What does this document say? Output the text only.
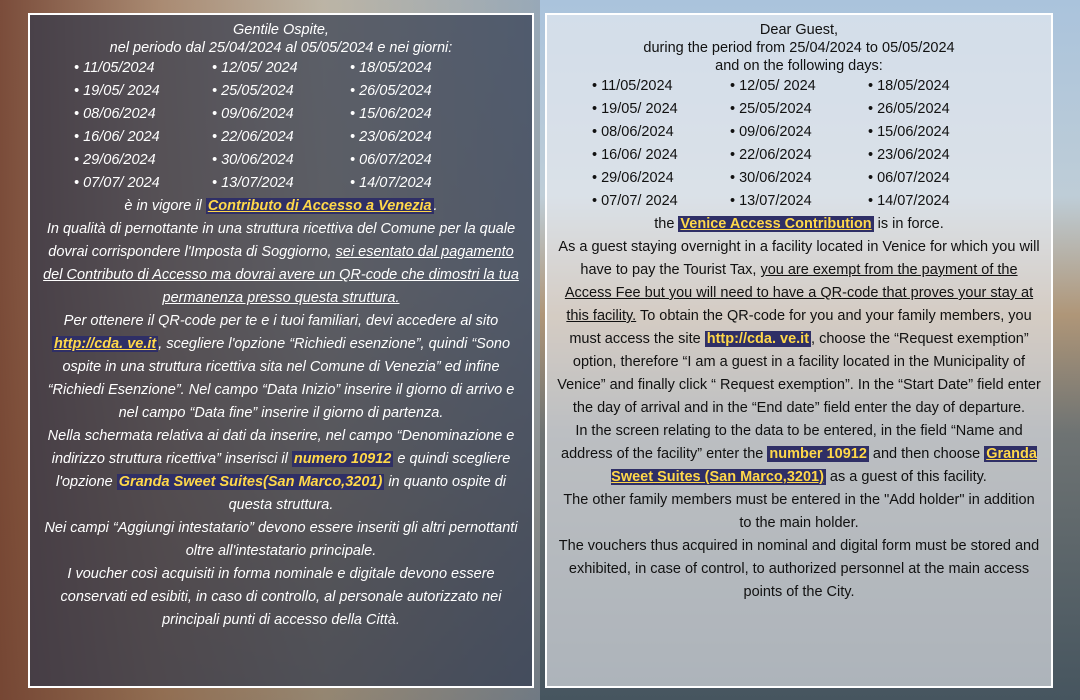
Gentile Ospite,

nel periodo dal 25/04/2024 al 05/05/2024 e nei giorni:

• 11/05/2024	• 12/05/ 2024	• 18/05/2024
• 19/05/ 2024	• 25/05/2024	• 26/05/2024
• 08/06/2024	• 09/06/2024	• 15/06/2024
• 16/06/ 2024	• 22/06/2024	• 23/06/2024
• 29/06/2024	• 30/06/2024	• 06/07/2024
• 07/07/ 2024	• 13/07/2024	• 14/07/2024

è in vigore il Contributo di Accesso a Venezia .

In qualità di pernottante in una struttura ricettiva del Comune per la quale dovrai corrispondere l'Imposta di Soggiorno, sei esentato dal pagamento del Contributo di Accesso ma dovrai avere un QR-code che dimostri la tua permanenza presso questa struttura.

Per ottenere il QR-code per te e i tuoi familiari, devi accedere al sito http://cda. ve.it , scegliere l'opzione “Richiedi esenzione”, quindi “Sono ospite in una struttura ricettiva sita nel Comune di Venezia” ed infine “Richiedi Esenzione”. Nel campo “Data Inizio” inserire il giorno di arrivo e nel campo “Data fine” inserire il giorno di partenza.

Nella schermata relativa ai dati da inserire, nel campo “Denominazione e indirizzo struttura ricettiva” inserisci il numero 10912 e quindi scegliere l'opzione Granda Sweet Suites(San Marco,3201) in quanto ospite di questa struttura.

Nei campi “Aggiungi intestatario” devono essere inseriti gli altri pernottanti oltre all'intestatario principale.

I voucher così acquisiti in forma nominale e digitale devono essere conservati ed esibiti, in caso di controllo, al personale autorizzato nei principali punti di accesso della Città.

Dear Guest,

during the period from 25/04/2024 to 05/05/2024

and on the following days:

• 11/05/2024	• 12/05/ 2024	• 18/05/2024
• 19/05/ 2024	• 25/05/2024	• 26/05/2024
• 08/06/2024	• 09/06/2024	• 15/06/2024
• 16/06/ 2024	• 22/06/2024	• 23/06/2024
• 29/06/2024	• 30/06/2024	• 06/07/2024
• 07/07/ 2024	• 13/07/2024	• 14/07/2024

the Venice Access Contribution is in force.

As a guest staying overnight in a facility located in Venice for which you will have to pay the Tourist Tax, you are exempt from the payment of the Access Fee but you will need to have a QR-code that proves your stay at this facility. To obtain the QR-code for you and your family members, you must access the site http://cda. ve.it , choose the “Request exemption” option, therefore “I am a guest in a facility located in the Municipality of Venice” and finally click “ Request exemption”. In the “Start Date” field enter the day of arrival and in the “End date” field enter the day of departure.

In the screen relating to the data to be entered, in the field “Name and address of the facility” enter the number 10912 and then choose Granda Sweet Suites (San Marco,3201) as a guest of this facility.

The other family members must be entered in the "Add holder" in addition to the main holder.

The vouchers thus acquired in nominal and digital form must be stored and exhibited, in case of control, to authorized personnel at the main access points of the City.
